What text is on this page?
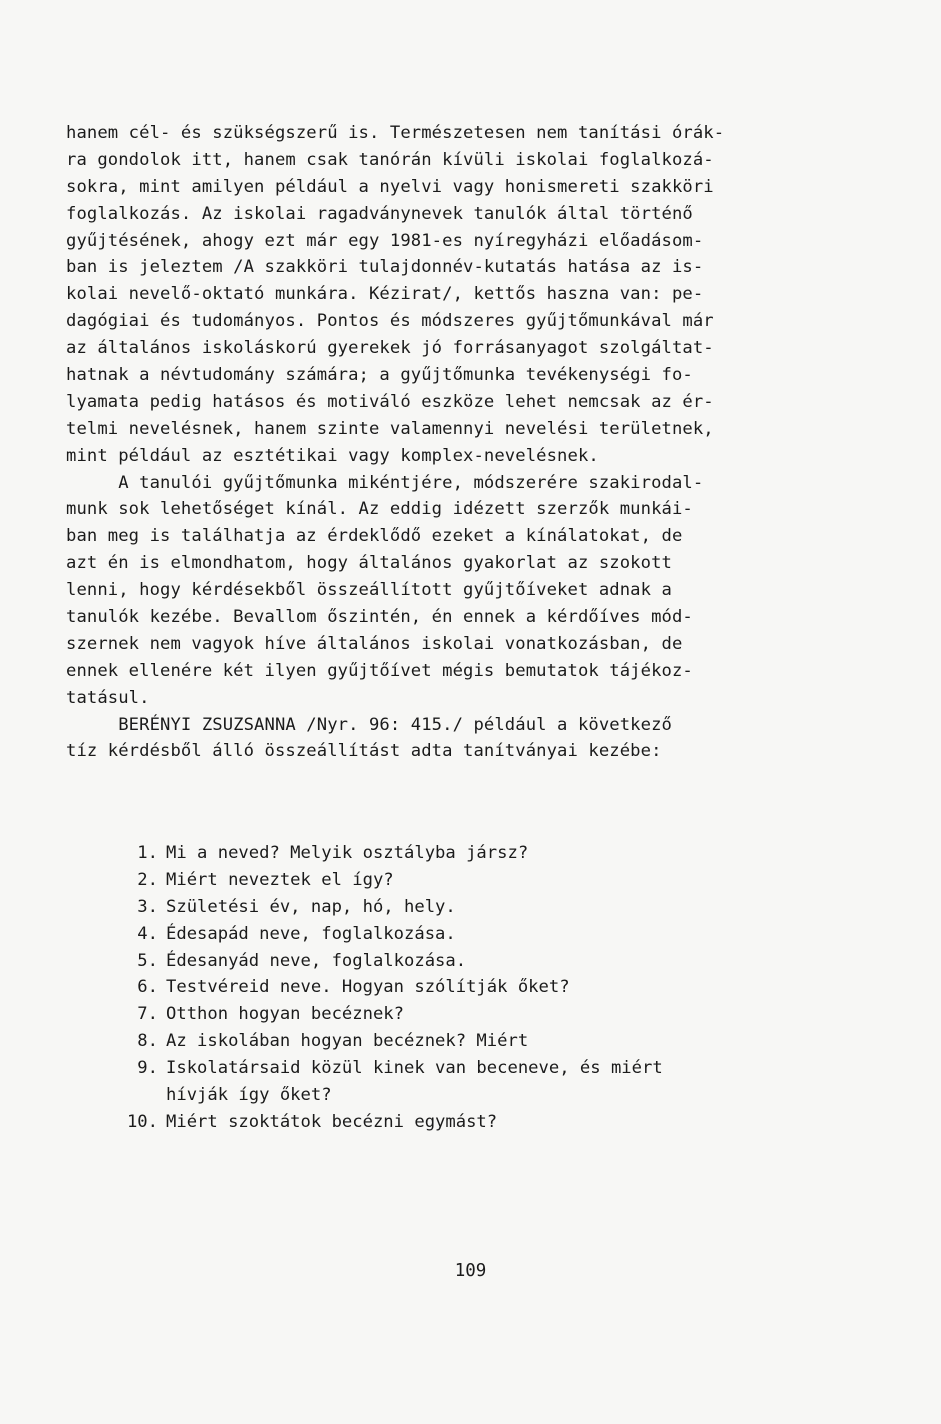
hanem cél- és szükségszerű is. Természetesen nem tanítási órák-
ra gondolok itt, hanem csak tanórán kívüli iskolai foglalkozá-
sokra, mint amilyen például a nyelvi vagy honismereti szakköri
foglalkozás. Az iskolai ragadványnevek tanulók által történő
gyűjtésének, ahogy ezt már egy 1981-es nyíregyházi előadásom-
ban is jeleztem /A szakköri tulajdonnév-kutatás hatása az is-
kolai nevelő-oktató munkára. Kézirat/, kettős haszna van: pe-
dagógiai és tudományos. Pontos és módszeres gyűjtőmunkával már
az általános iskoláskorú gyerekek jó forrásanyagot szolgáltat-
hatnak a névtudomány számára; a gyűjtőmunka tevékenységi fo-
lyamata pedig hatásos és motiváló eszköze lehet nemcsak az ér-
telmi nevelésnek, hanem szinte valamennyi nevelési területnek,
mint például az esztétikai vagy komplex-nevelésnek.
A tanulói gyűjtőmunka mikéntjére, módszerére szakirodal-
munk sok lehetőséget kínál. Az eddig idézett szerzők munkái-
ban meg is találhatja az érdeklődő ezeket a kínálatokat, de
azt én is elmondhatom, hogy általános gyakorlat az szokott
lenni, hogy kérdésekből összeállított gyűjtőíveket adnak a
tanulók kezébe. Bevallom őszintén, én ennek a kérdőíves mód-
szernek nem vagyok híve általános iskolai vonatkozásban, de
ennek ellenére két ilyen gyűjtőívet mégis bemutatok tájékoz-
tatásul.
BERÉNYI ZSUZSANNA /Nyr. 96: 415./ például a következő
tíz kérdésből álló összeállítást adta tanítványai kezébe:
1. Mi a neved? Melyik osztályba jársz?
2. Miért neveztek el így?
3. Születési év, nap, hó, hely.
4. Édesapád neve, foglalkozása.
5. Édesanyád neve, foglalkozása.
6. Testvéreid neve. Hogyan szólítják őket?
7. Otthon hogyan becéznek?
8. Az iskolában hogyan becéznek? Miért
9. Iskolatársaid közül kinek van beceneve, és miért
hívják így őket?
10. Miért szoktátok becézni egymást?
109
